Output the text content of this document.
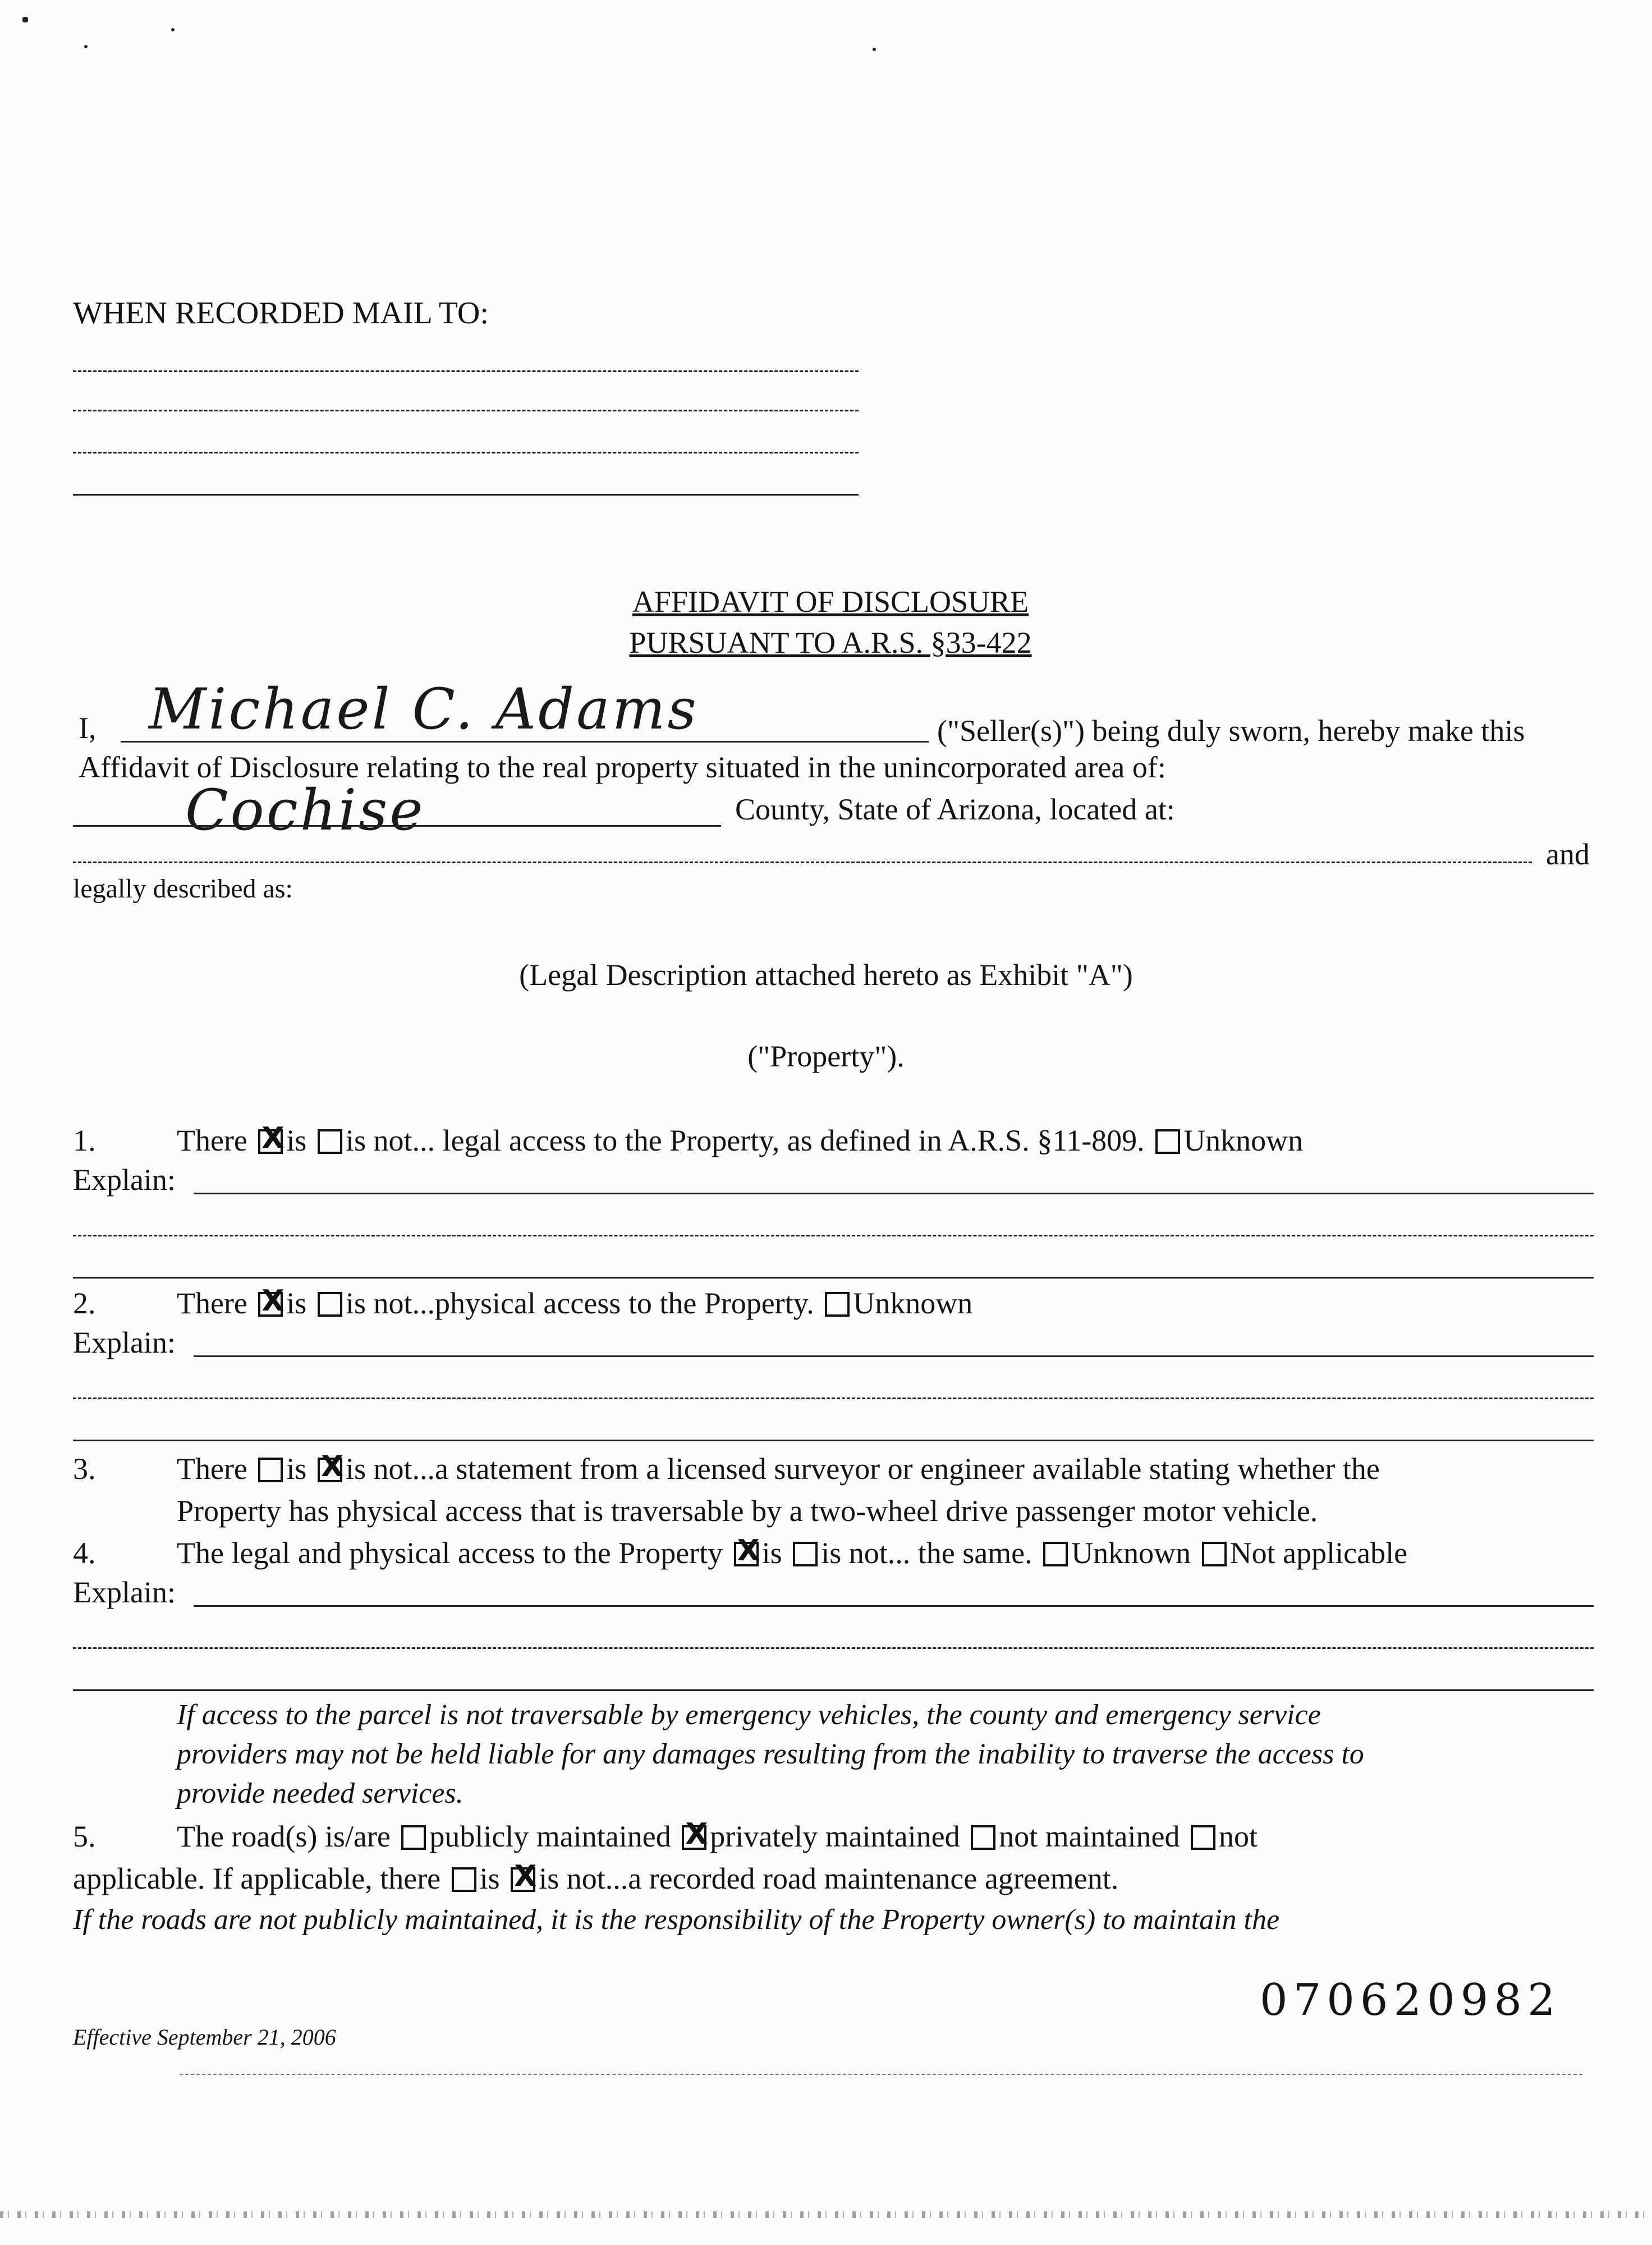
WHEN RECORDED MAIL TO:
AFFIDAVIT OF DISCLOSURE
PURSUANT TO A.R.S. §33-422
I, Michael C. Adams	("Seller(s)") being duly sworn, hereby make this
Affidavit of Disclosure relating to the real property situated in the unincorporated area of:
Cochise	County, State of Arizona, located at:
and
legally described as:
(Legal Description attached hereto as Exhibit "A")
("Property").
1.	There X is is not... legal access to the Property, as defined in A.R.S. §11-809. Unknown
Explain:
2.	There X is is not...physical access to the Property. Unknown
Explain:
3.	There is X is not...a statement from a licensed surveyor or engineer available stating whether the
Property has physical access that is traversable by a two-wheel drive passenger motor vehicle.
4.	The legal and physical access to the Property X is is not... the same. Unknown Not applicable
Explain:
If access to the parcel is not traversable by emergency vehicles, the county and emergency service
providers may not be held liable for any damages resulting from the inability to traverse the access to
provide needed services.
5.	The road(s) is/are publicly maintained X privately maintained not maintained not
applicable. If applicable, there is X is not...a recorded road maintenance agreement.
If the roads are not publicly maintained, it is the responsibility of the Property owner(s) to maintain the
Effective September 21, 2006
070620982
